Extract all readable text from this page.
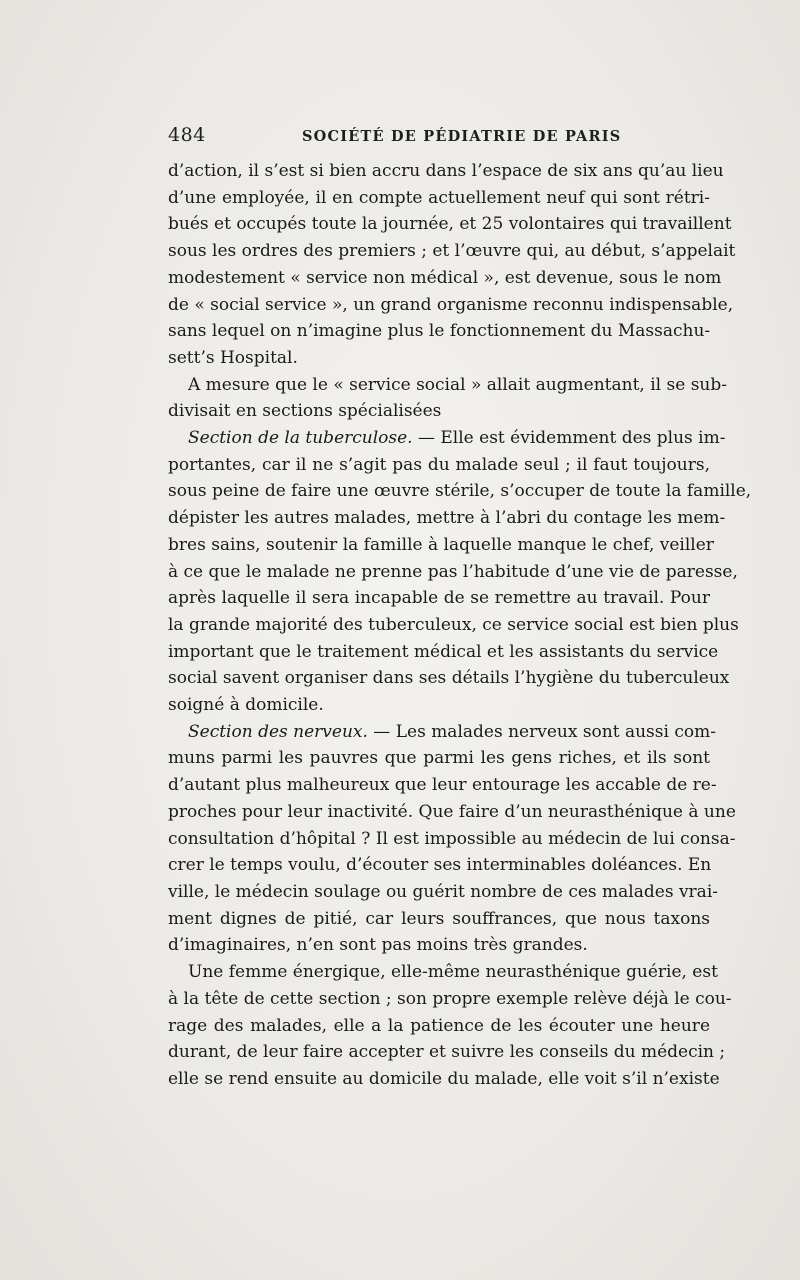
484	SOCIÉTÉ DE PÉDIATRIE DE PARIS
d’action, il s’est si bien accru dans l’espace de six ans qu’au lieu
d’une employée, il en compte actuellement neuf qui sont rétri-
bués et occupés toute la journée, et 25 volontaires qui travaillent
sous les ordres des premiers ; et l’œuvre qui, au début, s’appelait
modestement « service non médical », est devenue, sous le nom
de « social service », un grand organisme reconnu indispensable,
sans lequel on n’imagine plus le fonctionnement du Massachu-
sett’s Hospital.
A mesure que le « service social » allait augmentant, il se sub-
divisait en sections spécialisées
Section de la tuberculose. — Elle est évidemment des plus im-
portantes, car il ne s’agit pas du malade seul ; il faut toujours,
sous peine de faire une œuvre stérile, s’occuper de toute la famille,
dépister les autres malades, mettre à l’abri du contage les mem-
bres sains, soutenir la famille à laquelle manque le chef, veiller
à ce que le malade ne prenne pas l’habitude d’une vie de paresse,
après laquelle il sera incapable de se remettre au travail. Pour
la grande majorité des tuberculeux, ce service social est bien plus
important que le traitement médical et les assistants du service
social savent organiser dans ses détails l’hygiène du tuberculeux
soigné à domicile.
Section des nerveux. — Les malades nerveux sont aussi com-
muns parmi les pauvres que parmi les gens riches, et ils sont
d’autant plus malheureux que leur entourage les accable de re-
proches pour leur inactivité. Que faire d’un neurasthénique à une
consultation d’hôpital ? Il est impossible au médecin de lui consa-
crer le temps voulu, d’écouter ses interminables doléances. En
ville, le médecin soulage ou guérit nombre de ces malades vrai-
ment dignes de pitié, car leurs souffrances, que nous taxons
d’imaginaires, n’en sont pas moins très grandes.
Une femme énergique, elle-même neurasthénique guérie, est
à la tête de cette section ; son propre exemple relève déjà le cou-
rage des malades, elle a la patience de les écouter une heure
durant, de leur faire accepter et suivre les conseils du médecin ;
elle se rend ensuite au domicile du malade, elle voit s’il n’existe
